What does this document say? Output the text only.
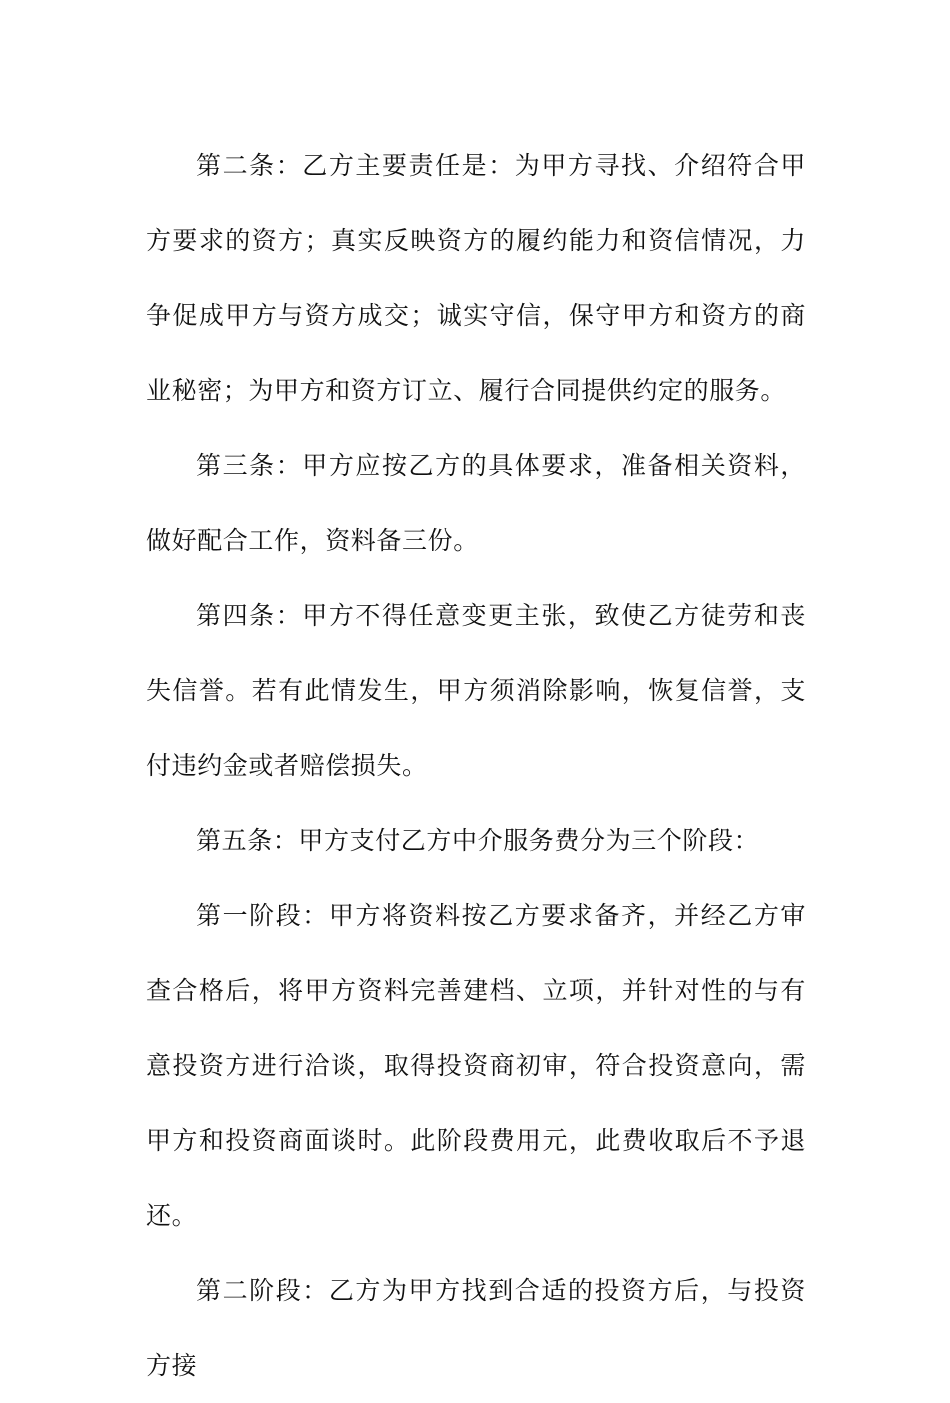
第二条：乙方主要责任是：为甲方寻找、介绍符合甲方要求的资方；真实反映资方的履约能力和资信情况，力争促成甲方与资方成交；诚实守信，保守甲方和资方的商业秘密；为甲方和资方订立、履行合同提供约定的服务。

第三条：甲方应按乙方的具体要求，准备相关资料，做好配合工作，资料备三份。

第四条：甲方不得任意变更主张，致使乙方徒劳和丧失信誉。若有此情发生，甲方须消除影响，恢复信誉，支付违约金或者赔偿损失。

第五条：甲方支付乙方中介服务费分为三个阶段：

第一阶段：甲方将资料按乙方要求备齐，并经乙方审查合格后，将甲方资料完善建档、立项，并针对性的与有意投资方进行洽谈，取得投资商初审，符合投资意向，需甲方和投资商面谈时。此阶段费用元，此费收取后不予退还。

第二阶段：乙方为甲方找到合适的投资方后，与投资方接
